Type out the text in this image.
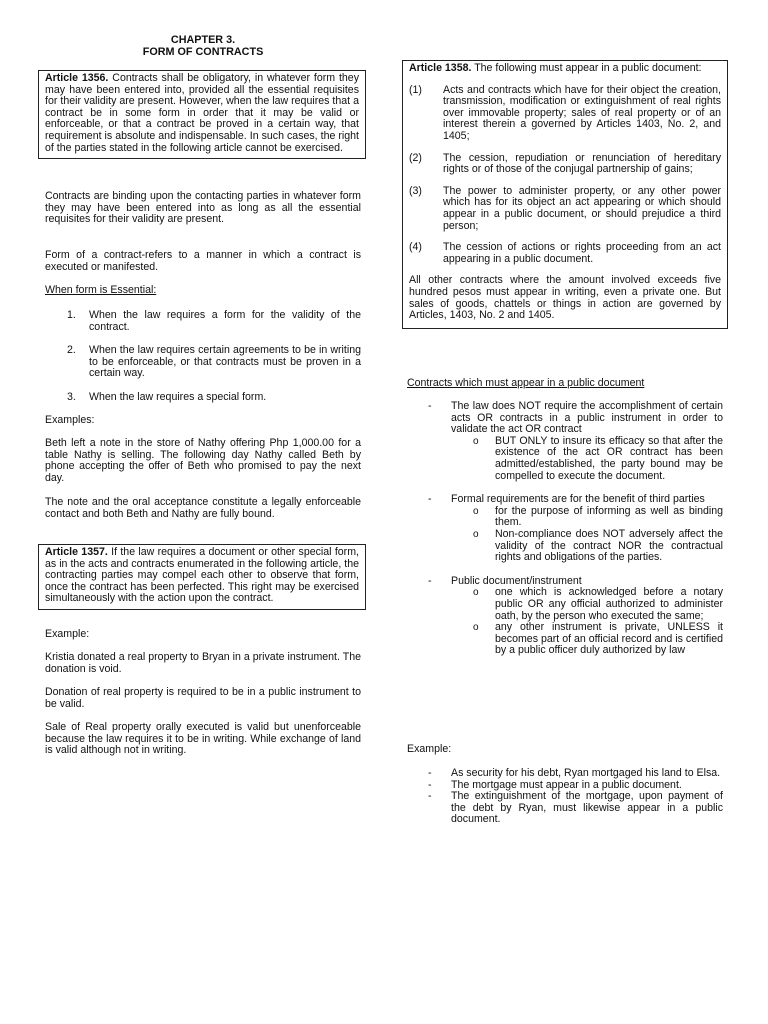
CHAPTER 3.
FORM OF CONTRACTS
Article 1356. Contracts shall be obligatory, in whatever form they may have been entered into, provided all the essential requisites for their validity are present. However, when the law requires that a contract be in some form in order that it may be valid or enforceable, or that a contract be proved in a certain way, that requirement is absolute and indispensable. In such cases, the right of the parties stated in the following article cannot be exercised.

Contracts are binding upon the contacting parties in whatever form they may have been entered into as long as all the essential requisites for their validity are present.

Form of a contract-refers to a manner in which a contract is executed or manifested.

When form is Essential:

1. When the law requires a form for the validity of the contract.
2. When the law requires certain agreements to be in writing to be enforceable, or that contracts must be proven in a certain way.
3. When the law requires a special form.

Examples:

Beth left a note in the store of Nathy offering Php 1,000.00 for a table Nathy is selling. The following day Nathy called Beth by phone accepting the offer of Beth who promised to pay the next day.

The note and the oral acceptance constitute a legally enforceable contact and both Beth and Nathy are fully bound.

Article 1357. If the law requires a document or other special form, as in the acts and contracts enumerated in the following article, the contracting parties may compel each other to observe that form, once the contract has been perfected. This right may be exercised simultaneously with the action upon the contract.

Example:

Kristia donated a real property to Bryan in a private instrument. The donation is void.

Donation of real property is required to be in a public instrument to be valid.

Sale of Real property orally executed is valid but unenforceable because the law requires it to be in writing. While exchange of land is valid although not in writing.

Article 1358. The following must appear in a public document:
(1) Acts and contracts which have for their object the creation, transmission, modification or extinguishment of real rights over immovable property; sales of real property or of an interest therein a governed by Articles 1403, No. 2, and 1405;
(2) The cession, repudiation or renunciation of hereditary rights or of those of the conjugal partnership of gains;
(3) The power to administer property, or any other power which has for its object an act appearing or which should appear in a public document, or should prejudice a third person;
(4) The cession of actions or rights proceeding from an act appearing in a public document.
All other contracts where the amount involved exceeds five hundred pesos must appear in writing, even a private one. But sales of goods, chattels or things in action are governed by Articles, 1403, No. 2 and 1405.

Contracts which must appear in a public document

- The law does NOT require the accomplishment of certain acts OR contracts in a public instrument in order to validate the act OR contract
o BUT ONLY to insure its efficacy so that after the existence of the act OR contract has been admitted/established, the party bound may be compelled to execute the document.
- Formal requirements are for the benefit of third parties
o for the purpose of informing as well as binding them.
o Non-compliance does NOT adversely affect the validity of the contract NOR the contractual rights and obligations of the parties.
- Public document/instrument
o one which is acknowledged before a notary public OR any official authorized to administer oath, by the person who executed the same;
o any other instrument is private, UNLESS it becomes part of an official record and is certified by a public officer duly authorized by law

Example:

- As security for his debt, Ryan mortgaged his land to Elsa.
- The mortgage must appear in a public document.
- The extinguishment of the mortgage, upon payment of the debt by Ryan, must likewise appear in a public document.
